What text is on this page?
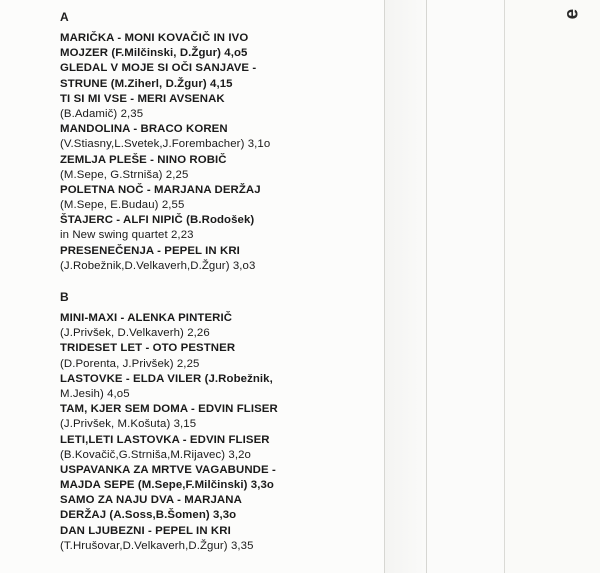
ə
A
MARIČKA - MONI KOVAČIČ IN IVO
MOJZER (F.Milčinski, D.Žgur) 4,o5
GLEDAL V MOJE SI OČI SANJAVE -
STRUNE (M.Ziherl, D.Žgur) 4,15
TI SI MI VSE - MERI AVSENAK
(B.Adamič) 2,35
MANDOLINA - BRACO KOREN
(V.Stiasny,L.Svetek,J.Forembacher) 3,1o
ZEMLJA PLEŠE - NINO ROBIČ
(M.Sepe, G.Strniša) 2,25
POLETNA NOČ - MARJANA DERŽAJ
(M.Sepe, E.Budau) 2,55
ŠTAJERC - ALFI NIPIČ (B.Rodošek)
in New swing quartet 2,23
PRESENEČENJA - PEPEL IN KRI
(J.Robežnik,D.Velkaverh,D.Žgur) 3,o3
B
MINI-MAXI - ALENKA PINTERIČ
(J.Privšek, D.Velkaverh) 2,26
TRIDESET LET - OTO PESTNER
(D.Porenta, J.Privšek) 2,25
LASTOVKE - ELDA VILER (J.Robežnik,
M.Jesih) 4,o5
TAM, KJER SEM DOMA - EDVIN FLISER
(J.Privšek, M.Košuta) 3,15
LETI,LETI LASTOVKA - EDVIN FLISER
(B.Kovačič,G.Strniša,M.Rijavec) 3,2o
USPAVANKA ZA MRTVE VAGABUNDE -
MAJDA SEPE (M.Sepe,F.Milčinski) 3,3o
SAMO ZA NAJU DVA - MARJANA
DERŽAJ (A.Soss,B.Šomen) 3,3o
DAN LJUBEZNI - PEPEL IN KRI
(T.Hrušovar,D.Velkaverh,D.Žgur) 3,35
